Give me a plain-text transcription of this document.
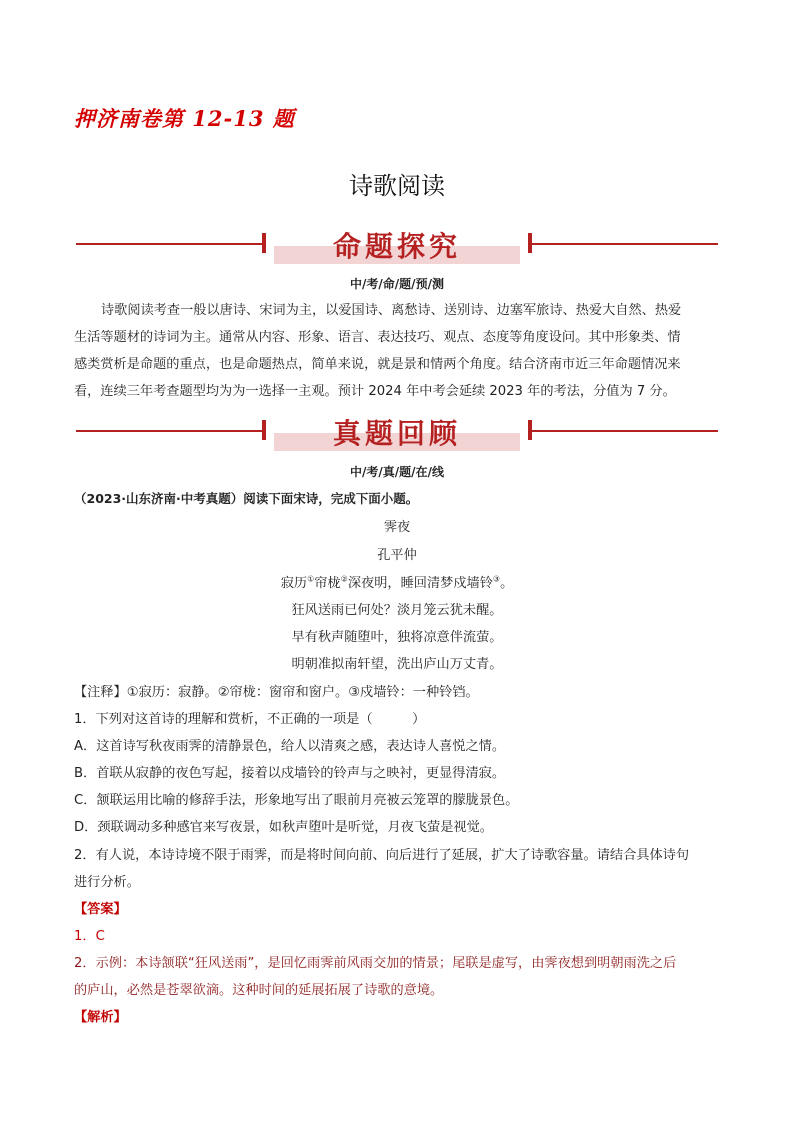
押济南卷第 12-13 题
诗歌阅读
命题探究
中/考/命/题/预/测
诗歌阅读考查一般以唐诗、宋词为主，以爱国诗、离愁诗、送别诗、边塞军旅诗、热爱大自然、热爱
生活等题材的诗词为主。通常从内容、形象、语言、表达技巧、观点、态度等角度设问。其中形象类、情
感类赏析是命题的重点，也是命题热点，简单来说，就是景和情两个角度。结合济南市近三年命题情况来
看，连续三年考查题型均为为一选择一主观。预计 2024 年中考会延续 2023 年的考法，分值为 7 分。
真题回顾
中/考/真/题/在/线
（2023·山东济南·中考真题）阅读下面宋诗，完成下面小题。
霁夜
孔平仲
寂历①帘栊②深夜明，睡回清梦戍墙铃③。
狂风送雨已何处？淡月笼云犹未醒。
早有秋声随堕叶，独将凉意伴流萤。
明朝准拟南轩望，洗出庐山万丈青。
【注释】①寂历：寂静。②帘栊：窗帘和窗户。③戍墙铃：一种铃铛。
1．下列对这首诗的理解和赏析，不正确的一项是（　　　）
A．这首诗写秋夜雨霁的清静景色，给人以清爽之感，表达诗人喜悦之情。
B．首联从寂静的夜色写起，接着以戍墙铃的铃声与之映衬，更显得清寂。
C．颔联运用比喻的修辞手法，形象地写出了眼前月亮被云笼罩的朦胧景色。
D．颈联调动多种感官来写夜景，如秋声堕叶是听觉，月夜飞萤是视觉。
2．有人说，本诗诗境不限于雨霁，而是将时间向前、向后进行了延展，扩大了诗歌容量。请结合具体诗句
进行分析。
【答案】
1．C
2．示例：本诗颔联“狂风送雨”，是回忆雨霁前风雨交加的情景；尾联是虚写，由霁夜想到明朝雨洗之后
的庐山，必然是苍翠欲滴。这种时间的延展拓展了诗歌的意境。
【解析】
